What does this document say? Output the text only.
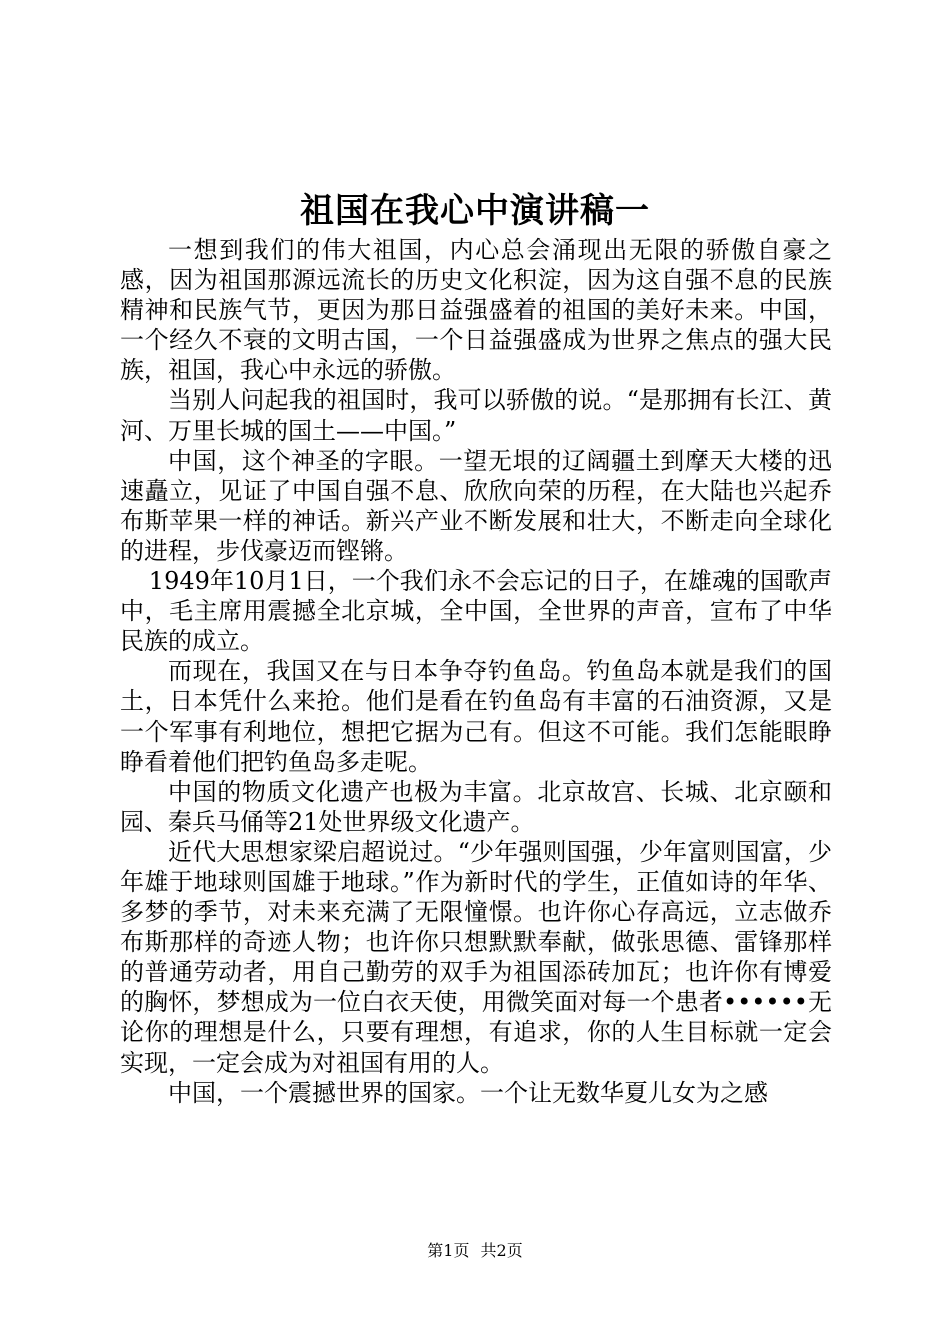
祖国在我心中演讲稿一

一想到我们的伟大祖国，内心总会涌现出无限的骄傲自豪之感，因为祖国那源远流长的历史文化积淀，因为这自强不息的民族精神和民族气节，更因为那日益强盛着的祖国的美好未来。中国，一个经久不衰的文明古国，一个日益强盛成为世界之焦点的强大民族，祖国，我心中永远的骄傲。

当别人问起我的祖国时，我可以骄傲的说。“是那拥有长江、黄河、万里长城的国土——中国。”

中国，这个神圣的字眼。一望无垠的辽阔疆土到摩天大楼的迅速矗立，见证了中国自强不息、欣欣向荣的历程，在大陆也兴起乔布斯苹果一样的神话。新兴产业不断发展和壮大，不断走向全球化的进程，步伐豪迈而铿锵。

1949年10月1日，一个我们永不会忘记的日子，在雄魂的国歌声中，毛主席用震撼全北京城，全中国，全世界的声音，宣布了中华民族的成立。

而现在，我国又在与日本争夺钓鱼岛。钓鱼岛本就是我们的国土，日本凭什么来抢。他们是看在钓鱼岛有丰富的石油资源，又是一个军事有利地位，想把它据为己有。但这不可能。我们怎能眼睁睁看着他们把钓鱼岛多走呢。

中国的物质文化遗产也极为丰富。北京故宫、长城、北京颐和园、秦兵马俑等21处世界级文化遗产。

近代大思想家梁启超说过。“少年强则国强，少年富则国富，少年雄于地球则国雄于地球。”作为新时代的学生，正值如诗的年华、多梦的季节，对未来充满了无限憧憬。也许你心存高远，立志做乔布斯那样的奇迹人物；也许你只想默默奉献，做张思德、雷锋那样的普通劳动者，用自己勤劳的双手为祖国添砖加瓦；也许你有博爱的胸怀，梦想成为一位白衣天使，用微笑面对每一个患者••••••无论你的理想是什么，只要有理想，有追求，你的人生目标就一定会实现，一定会成为对祖国有用的人。

中国，一个震撼世界的国家。一个让无数华夏儿女为之感

第1页 共2页
